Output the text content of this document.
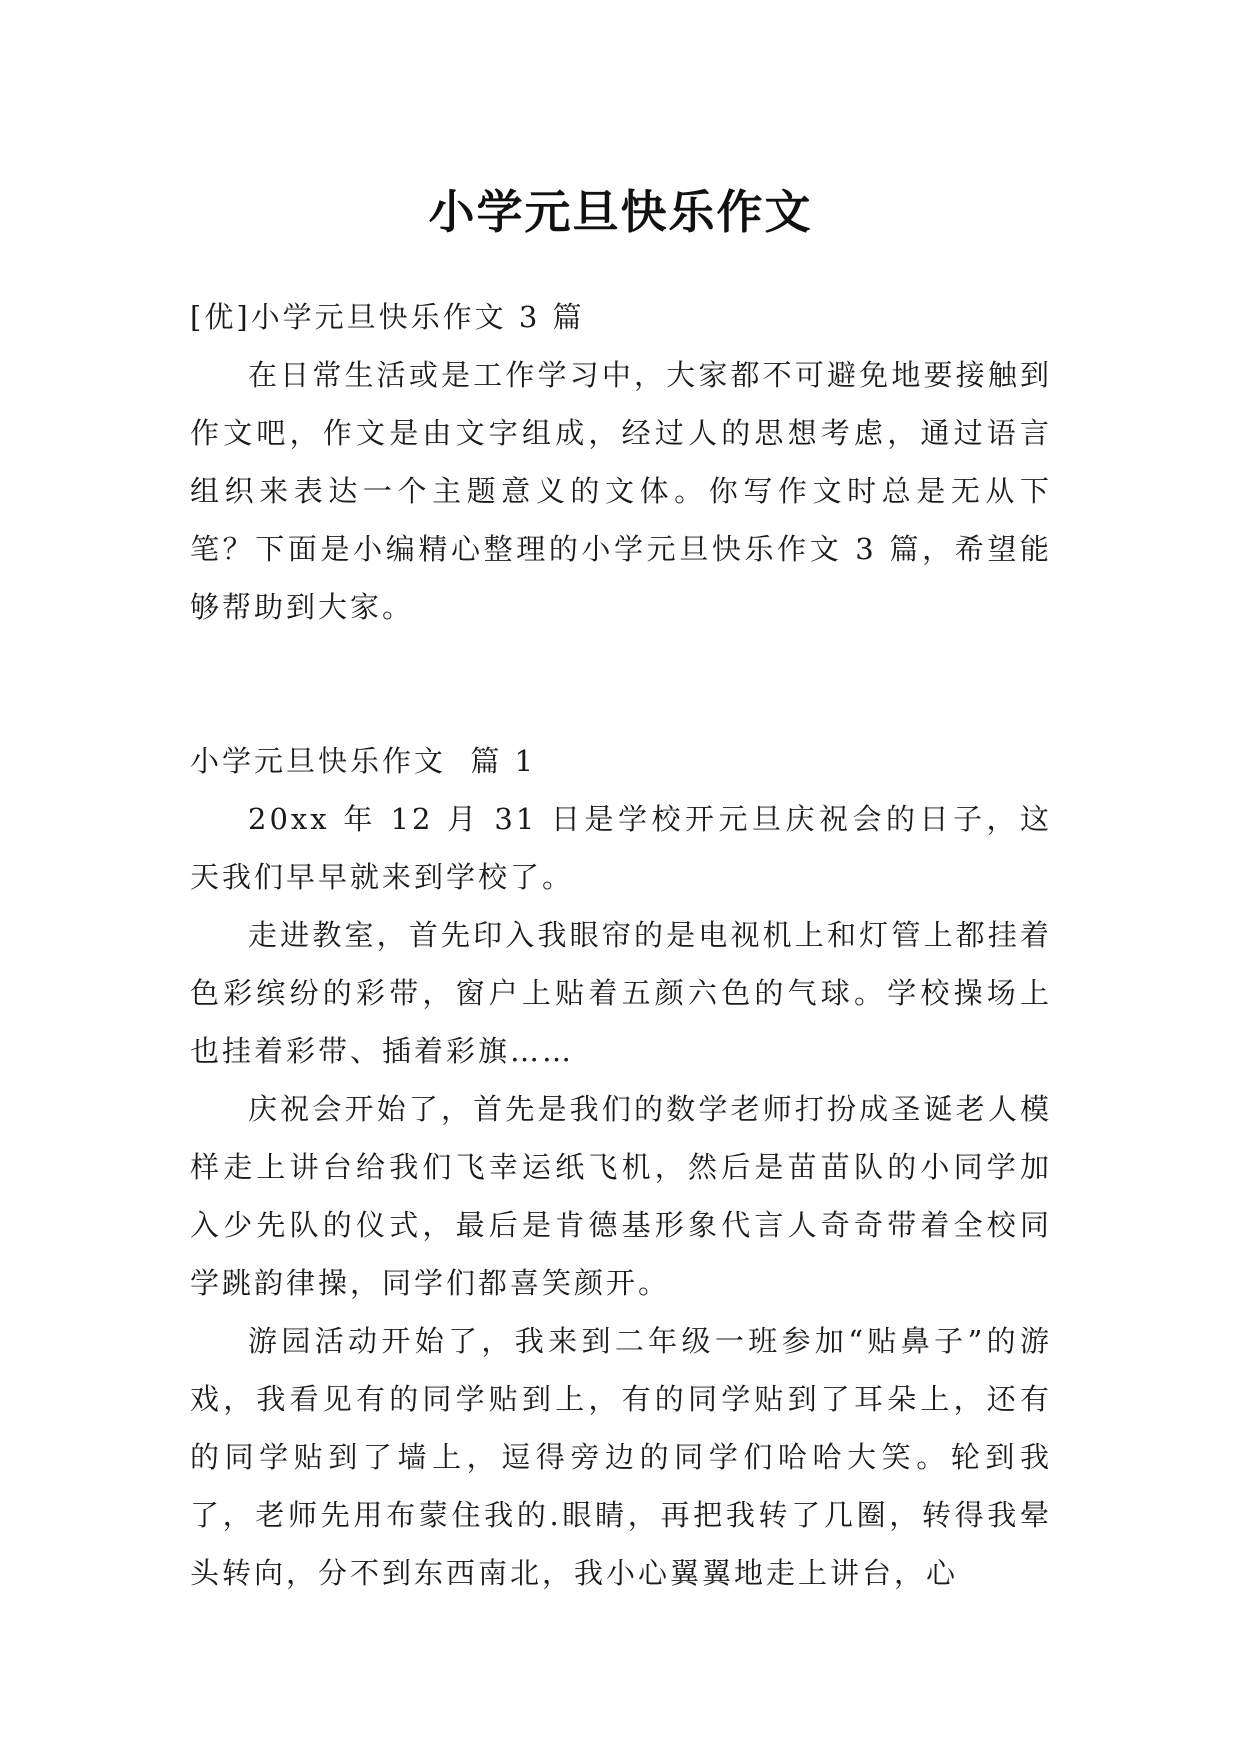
小学元旦快乐作文

[优]小学元旦快乐作文 3 篇

在日常生活或是工作学习中，大家都不可避免地要接触到作文吧，作文是由文字组成，经过人的思想考虑，通过语言组织来表达一个主题意义的文体。你写作文时总是无从下笔？下面是小编精心整理的小学元旦快乐作文 3 篇，希望能够帮助到大家。

小学元旦快乐作文  篇 1

20xx 年 12 月 31 日是学校开元旦庆祝会的日子，这天我们早早就来到学校了。

走进教室，首先印入我眼帘的是电视机上和灯管上都挂着色彩缤纷的彩带，窗户上贴着五颜六色的气球。学校操场上也挂着彩带、插着彩旗……

庆祝会开始了，首先是我们的数学老师打扮成圣诞老人模样走上讲台给我们飞幸运纸飞机，然后是苗苗队的小同学加入少先队的仪式，最后是肯德基形象代言人奇奇带着全校同学跳韵律操，同学们都喜笑颜开。

游园活动开始了，我来到二年级一班参加“贴鼻子”的游戏，我看见有的同学贴到上，有的同学贴到了耳朵上，还有的同学贴到了墙上，逗得旁边的同学们哈哈大笑。轮到我了，老师先用布蒙住我的.眼睛，再把我转了几圈，转得我晕头转向，分不到东西南北，我小心翼翼地走上讲台，心
